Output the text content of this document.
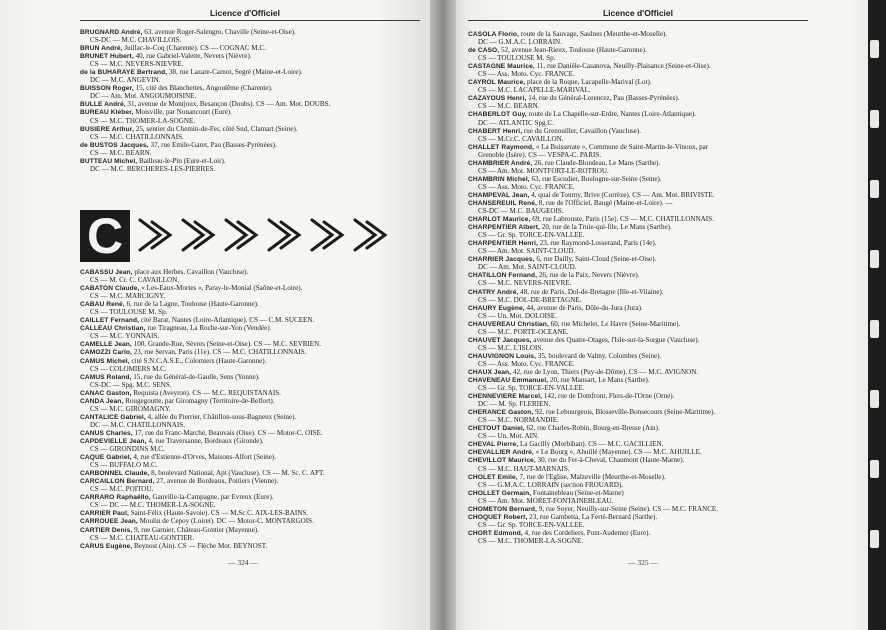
Licence d'Officiel
BRUGNARD André, 63, avenue Roger-Salengro, Chaville (Seine-et-Oise).
CS-DC — M.C. CHAVILLOIS.
BRUN André, Juillac-le-Coq (Charente). CS — COGNAC M.C.
BRUNET Hubert, 40, rue Gabriel-Valette, Nevers (Nièvre).
CS — M.C. NEVERS-NIEVRE.
de la BUHARAYE Bertrand, 38, rue Lazare-Carnot, Segré (Maine-et-Loire).
DC — M.C. ANGEVIN.
BUISSON Roger, 15, cité des Blanchettes, Angoulême (Charente).
DC — Am. Mot. ANGOUMOISINE.
BULLE André, 31, avenue de Montjoux, Besançon (Doubs). CS — Am. Mot. DOUBS.
BUREAU Kléber, Moisville, par Nonancourt (Eure).
CS — M.C. THOMER-LA-SOGNE.
BUSIERE Arthur, 25, sentier du Chemin-de-Fer, côté Sud, Clamart (Seine).
CS — M.C. CHATILLONNAIS.
de BUSTOS Jacques, 37, rue Emile-Garet, Pau (Basses-Pyrénées).
CS — M.C. BEARN.
BUTTEAU Michel, Bailleau-le-Pin (Eure-et-Loir).
DC — M.C. BERCHERES-LES-PIERRES.
C
CABASSU Jean, place aux Herbes, Cavaillon (Vaucluse).
CS — M. Cr. C. CAVAILLON.
CABATON Claude, « Les-Eaux-Mortes », Paray-le-Monial (Saône-et-Loire).
CS — M.C. MARCIGNY.
CABAU René, 6, rue de la Lagne, Toulouse (Haute-Garonne).
CS — TOULOUSE M. Sp.
CAILLET Fernand, cité Barat, Nantes (Loire-Atlantique). CS — C.M. SUCEEN.
CALLEAU Christian, rue Tiragneau, La Roche-sur-Yon (Vendée).
CS — M.C. YONNAIS.
CAMELLE Jean, 100, Grande-Rue, Sèvres (Seine-et-Oise). CS — M.C. SEVRIEN.
CAMOZZI Carlo, 23, rue Servan, Paris (11e). CS — M.C. CHATILLONNAIS.
CAMUS Michel, cité S.N.C.A.S.E., Colomiers (Haute-Garonne).
CS — COLOMIERS M.C.
CAMUS Roland, 15, rue du Général-de-Gaulle, Sens (Yonne).
CS-DC — Spg. M.C. SENS.
CANAC Gaston, Requista (Aveyron). CS — M.C. REQUISTANAIS.
CANDA Jean, Rougegoutte, par Giromagny (Territoire-de-Belfort).
CS — M.C. GIROMAGNY.
CANTALICE Gabriel, 4, allée du Pierrier, Châtillon-sous-Bagneux (Seine).
DC — M.C. CHATILLONNAIS.
CANUS Charles, 17, rue du Franc-Marché, Beauvais (Oise). CS — Motor-C. OISE.
CAPDEVIELLE Jean, 4, rue Traversanne, Bordeaux (Gironde).
CS — GIRONDINS M.C.
CAQUE Gabriel, 4, rue d'Estienne-d'Orves, Maisons-Alfort (Seine).
CS — BUFFALO M.C.
CARBONNEL Claude, 8, boulevard National, Apt (Vaucluse). CS — M. Sc. C. APT.
CARCAILLON Bernard, 27, avenue de Bordeaux, Poitiers (Vienne).
CS — M.C. POITOU.
CARRARO Raphaëllo, Gauville-la-Campagne, par Evreux (Eure).
CS — DC — M.C. THOMER-LA-SOGNE.
CARRIER Paul, Saint-Félix (Haute-Savoie). CS — M.Sc.C. AIX-LES-BAINS.
CARROUEE Jean, Moulin de Cepoy (Loiret). DC — Motor-C. MONTARGOIS.
CARTIER Denis, 9, rue Garnier, Château-Gontier (Mayenne).
CS — M.C. CHATEAU-GONTIER.
CARUS Eugène, Beynost (Ain). CS — Flèche Mot. BEYNOST.
— 324 —
Licence d'Officiel
CASOLA Florio, route de la Sauvage, Saulnes (Meurthe-et-Moselle).
DC — G.M.A.C. LORRAIN.
de CASO, 52, avenue Jean-Rieux, Toulouse (Haute-Garonne).
CS — TOULOUSE M. Sp.
CASTAGNE Maurice, 11, rue Danièle-Casanova, Neuilly-Plaisance (Seine-et-Oise).
CS — Ass. Moto. Cyc. FRANCE.
CAYROL Maurice, place de la Roque, Lacapelle-Marival (Lot).
CS — M.C. LACAPELLE-MARIVAL.
CAZAYOUS Henri, 14, rue du Général-Lorencez, Pau (Basses-Pyrénées).
CS — M.C. BEARN.
CHABERLOT Guy, route de La Chapelle-sur-Erdre, Nantes (Loire-Atlantique).
DC — ATLANTIC Spg.C.
CHABERT Henri, rue du Grenouiller, Cavaillon (Vaucluse).
CS — M.Cr.C. CAVAILLON.
CHALLET Raymond, « La Buisserate », Commune de Saint-Martin-le-Vinoux, par
Grenoble (Isère). CS — VESPA-C. PARIS.
CHAMBRIER André, 26, rue Claude-Blondeau, Le Mans (Sarthe).
CS — Am. Mot. MONTFORT-LE-ROTROU.
CHAMBRIN Michel, 63, rue Escudier, Boulogne-sur-Seine (Seine).
CS — Ass. Moto. Cyc. FRANCE.
CHAMPEVAL Jean, 4, quai de Tourny, Brive (Corrèze). CS — Am. Mot. BRIVISTE.
CHANSEREUIL René, 8, rue de l'Officiel, Baugé (Maine-et-Loire). —
CS-DC — M.C. BAUGEOIS.
CHARLOT Maurice, 69, rue Labrouste, Paris (15e). CS — M.C. CHATILLONNAIS.
CHARPENTIER Albert, 20, rue de la Truie-qui-file, Le Mans (Sarthe).
CS — Gr. Sp. TORCE-EN-VALLEE.
CHARPENTIER Henri, 23, rue Raymond-Losserand, Paris (14e).
CS — Am. Mot. SAINT-CLOUD.
CHARRIER Jacques, 6, rue Dailly, Saint-Cloud (Seine-et-Oise).
DC — Am. Mot. SAINT-CLOUD.
CHATILLON Fernand, 26, rue de la Paix, Nevers (Nièvre).
CS — M.C. NEVERS-NIEVRE.
CHATRY André, 48, rue de Paris, Dol-de-Bretagne (Ille-et-Vilaine).
CS — M.C. DOL-DE-BRETAGNE.
CHAURY Eugène, 44, avenue de Paris, Dôle-du-Jura (Jura).
CS — Un. Mot. DOLOISE.
CHAUVEREAU Christian, 60, rue Michelet, Le Havre (Seine-Maritime).
CS — M.C. PORTE-OCEANE.
CHAUVET Jacques, avenue des Quatre-Otages, l'Isle-sur-la-Sorgue (Vaucluse).
CS — M.C. L'ISLOIS.
CHAUVIGNON Louis, 35, boulevard de Valmy, Colombes (Seine).
CS — Ass. Moto. Cyc. FRANCE.
CHAUX Jean, 42, rue de Lyon, Thiers (Puy-de-Dôme). CS — M.C. AVIGNON.
CHAVENEAU Emmanuel, 20, rue Mansart, Le Mans (Sarthe).
CS — Gr. Sp. TORCE-EN-VALLEE.
CHENNEVIERE Marcel, 142, rue de Domfront, Flers-de-l'Orne (Orne).
DC — M. Sp. FLERIEN.
CHERANCE Gaston, 92, rue Lebourgeois, Blosseville-Bonsecours (Seine-Maritime).
CS — M.C. NORMANDIE.
CHETOUT Daniel, 62, rue Charles-Robin, Bourg-en-Bresse (Ain).
CS — Un. Mot. AIN.
CHEVAL Pierre, La Gacilly (Morbihan). CS — M.C. GACILLIEN.
CHEVALLIER André, « Le Bourg », Ahuillé (Mayenne). CS — M.C. AHUILLE.
CHEVILLOT Maurice, 30, rue du Fer-à-Cheval, Chaumont (Haute-Marne).
CS — M.C. HAUT-MARNAIS.
CHOLET Emile, 7, rue de l'Eglise, Malzeville (Meurthe-et-Moselle).
CS — G.M.A.C. LORRAIN (section FROUARD).
CHOLLET Germain, Fontainebleau (Seine-et-Marne)
CS — Am. Mot. MORET-FONTAINEBLEAU.
CHOMETON Bernard, 9, rue Soyer, Neuilly-sur-Seine (Seine). CS — M.C. FRANCE.
CHOQUET Robert, 23, rue Gambetta, La Ferté-Bernard (Sarthe).
CS — Gr. Sp. TORCE-EN-VALLEE.
CHORT Edmond, 4, rue des Cordeliers, Pont-Audemer (Eure).
CS — M.C. THOMER-LA-SOGNE.
— 325 —
